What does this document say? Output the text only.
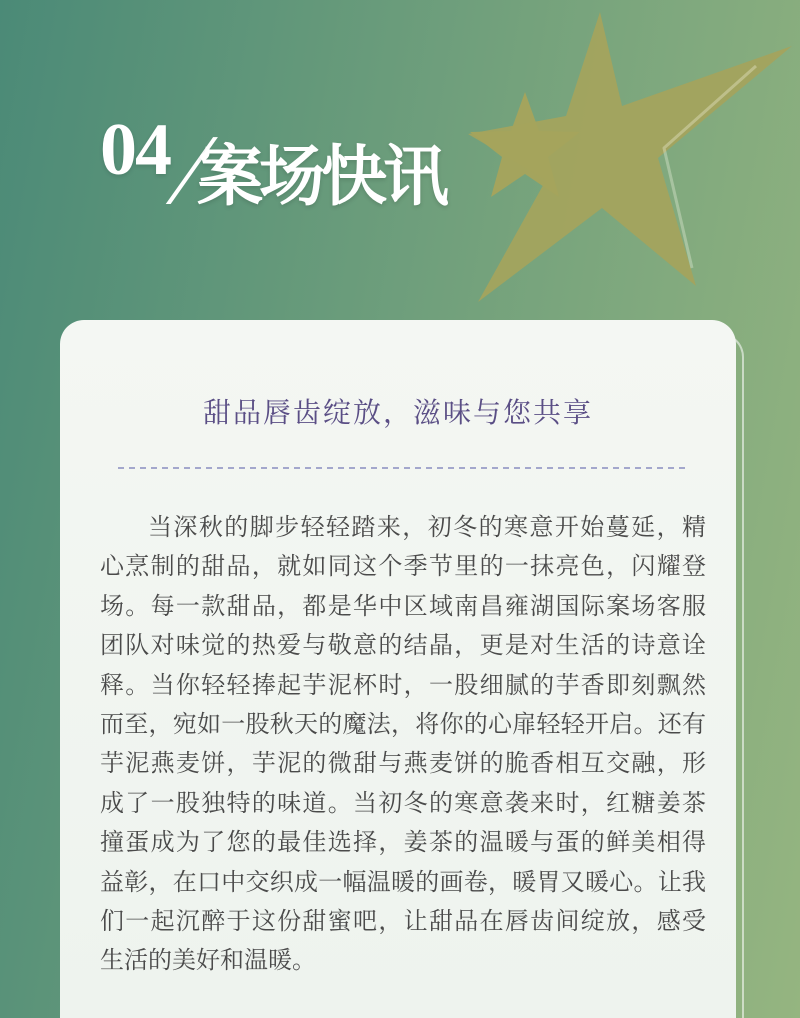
04
/
案场快讯
甜品唇齿绽放，滋味与您共享
当深秋的脚步轻轻踏来，初冬的寒意开始蔓延，精
心烹制的甜品，就如同这个季节里的一抹亮色，闪耀登
场。每一款甜品，都是华中区域南昌雍湖国际案场客服
团队对味觉的热爱与敬意的结晶，更是对生活的诗意诠
释。当你轻轻捧起芋泥杯时，一股细腻的芋香即刻飘然
而至，宛如一股秋天的魔法，将你的心扉轻轻开启。还有
芋泥燕麦饼，芋泥的微甜与燕麦饼的脆香相互交融，形
成了一股独特的味道。当初冬的寒意袭来时，红糖姜茶
撞蛋成为了您的最佳选择，姜茶的温暖与蛋的鲜美相得
益彰，在口中交织成一幅温暖的画卷，暖胃又暖心。让我
们一起沉醉于这份甜蜜吧，让甜品在唇齿间绽放，感受
生活的美好和温暖。
